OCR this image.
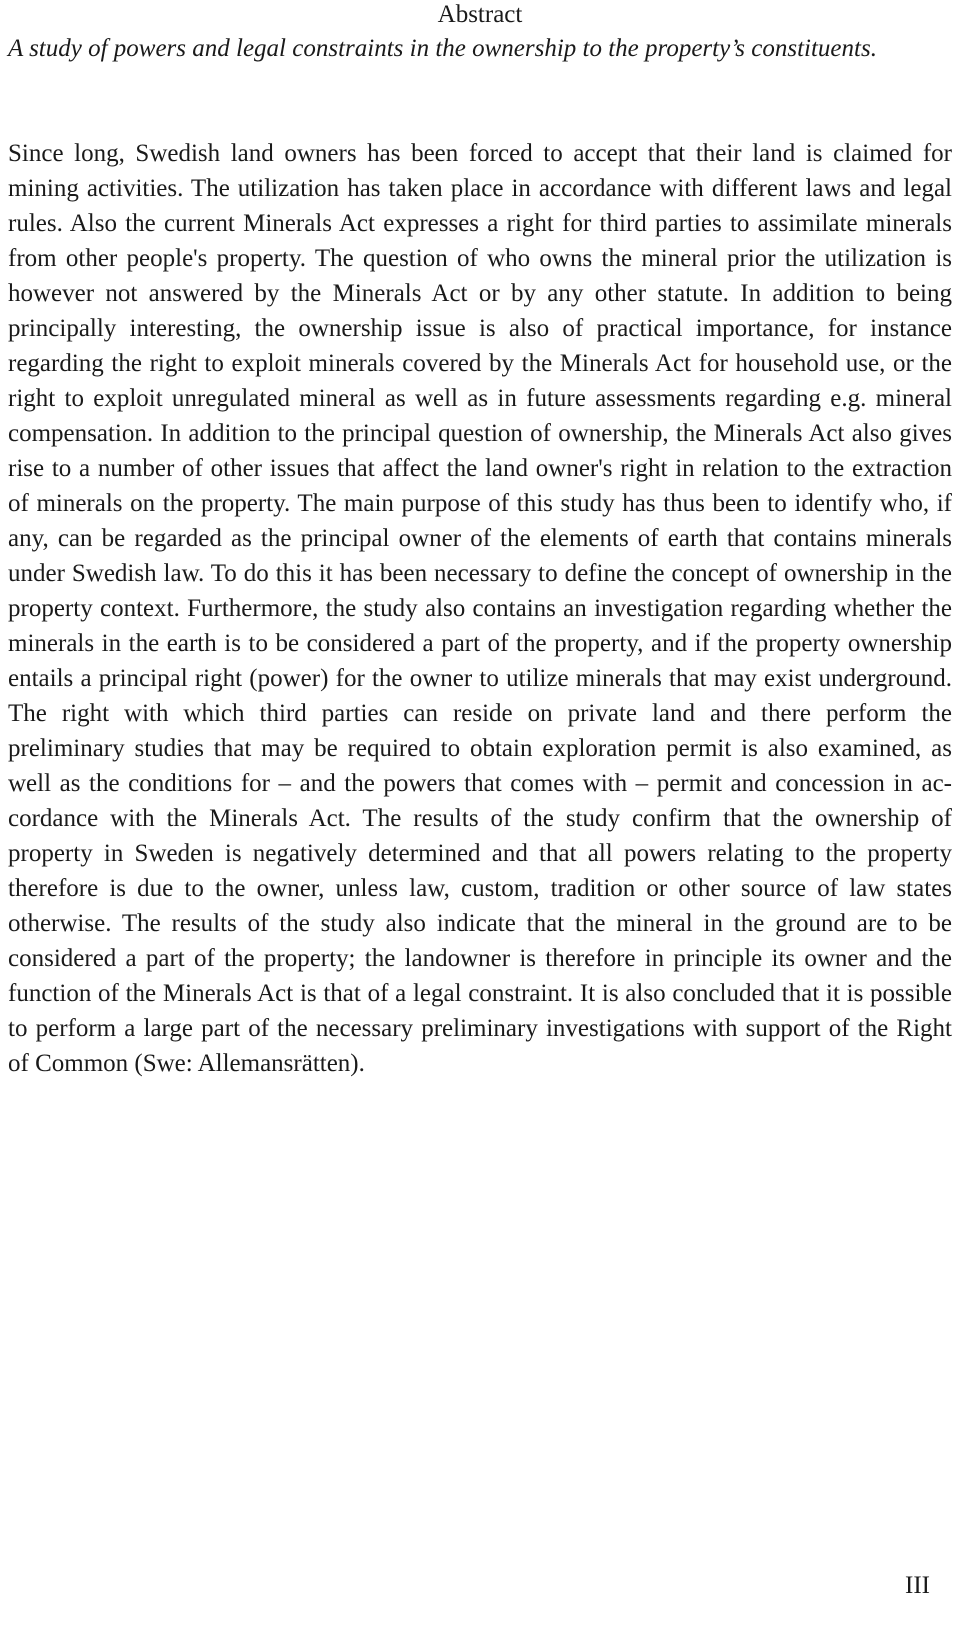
Abstract
A study of powers and legal constraints in the ownership to the property’s constituents.
Since long, Swedish land owners has been forced to accept that their land is claimed for mining activities. The utilization has taken place in accordance with different laws and legal rules. Also the current Minerals Act expresses a right for third parties to assimilate minerals from other people's property. The question of who owns the mineral prior the utilization is however not answered by the Minerals Act or by any other statute. In addition to being principally interesting, the ownership issue is also of practical importance, for instance regarding the right to exploit minerals covered by the Minerals Act for household use, or the right to exploit unregulated mineral as well as in future assessments regarding e.g. mineral compensation. In addition to the principal question of ownership, the Minerals Act also gives rise to a number of other issues that affect the land owner's right in relation to the extraction of minerals on the property. The main purpose of this study has thus been to identify who, if any, can be regarded as the principal owner of the elements of earth that contains minerals under Swedish law. To do this it has been necessary to define the concept of ownership in the property context. Furthermore, the study also contains an investigation regarding whether the minerals in the earth is to be considered a part of the property, and if the property ownership entails a principal right (power) for the owner to utilize minerals that may exist underground. The right with which third parties can reside on private land and there perform the preliminary studies that may be required to obtain exploration permit is also examined, as well as the conditions for – and the powers that comes with – permit and concession in accordance with the Minerals Act. The results of the study confirm that the ownership of property in Sweden is negatively determined and that all powers relating to the property therefore is due to the owner, unless law, custom, tradition or other source of law states otherwise. The results of the study also indicate that the mineral in the ground are to be considered a part of the property; the landowner is therefore in principle its owner and the function of the Minerals Act is that of a legal constraint. It is also concluded that it is possible to perform a large part of the necessary preliminary investigations with support of the Right of Common (Swe: Allemansrätten).
III
